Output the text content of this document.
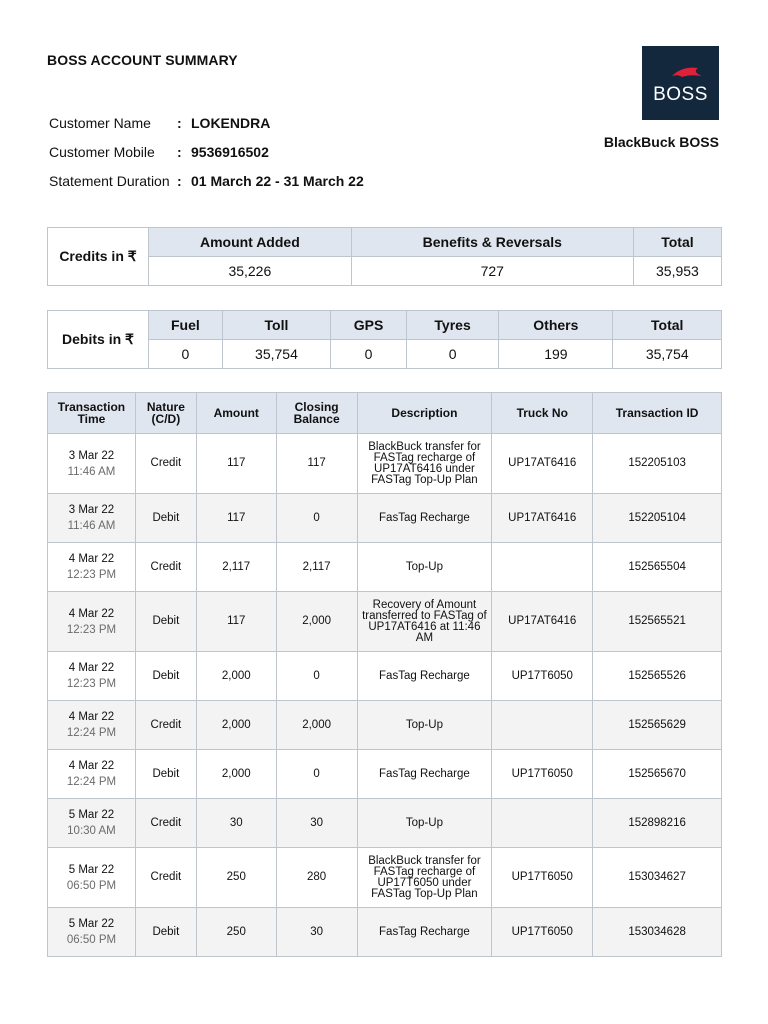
BOSS ACCOUNT SUMMARY
Customer Name	: LOKENDRA
Customer Mobile	: 9536916502
Statement Duration : 01 March 22 - 31 March 22
BOSS
BlackBuck BOSS
Credits in ₹	Amount Added	Benefits & Reversals	Total
	35,226	727	35,953
Debits in ₹	Fuel	Toll	GPS	Tyres	Others	Total
	0	35,754	0	0	199	35,754
Transaction Time	Nature (C/D)	Amount	Closing Balance	Description	Truck No	Transaction ID

3 Mar 22
11:46 AM	Credit	117	117	BlackBuck transfer for FASTag recharge of UP17AT6416 under FASTag Top-Up Plan	UP17AT6416	152205103

3 Mar 22
11:46 AM	Debit	117	0	FasTag Recharge	UP17AT6416	152205104

4 Mar 22
12:23 PM	Credit	2,117	2,117	Top-Up		152565504

4 Mar 22
12:23 PM	Debit	117	2,000	Recovery of Amount transferred to FASTag of UP17AT6416 at 11:46 AM	UP17AT6416	152565521

4 Mar 22
12:23 PM	Debit	2,000	0	FasTag Recharge	UP17T6050	152565526

4 Mar 22
12:24 PM	Credit	2,000	2,000	Top-Up		152565629

4 Mar 22
12:24 PM	Debit	2,000	0	FasTag Recharge	UP17T6050	152565670

5 Mar 22
10:30 AM	Credit	30	30	Top-Up		152898216

5 Mar 22
06:50 PM	Credit	250	280	BlackBuck transfer for FASTag recharge of UP17T6050 under FASTag Top-Up Plan	UP17T6050	153034627

5 Mar 22
06:50 PM	Debit	250	30	FasTag Recharge	UP17T6050	153034628
